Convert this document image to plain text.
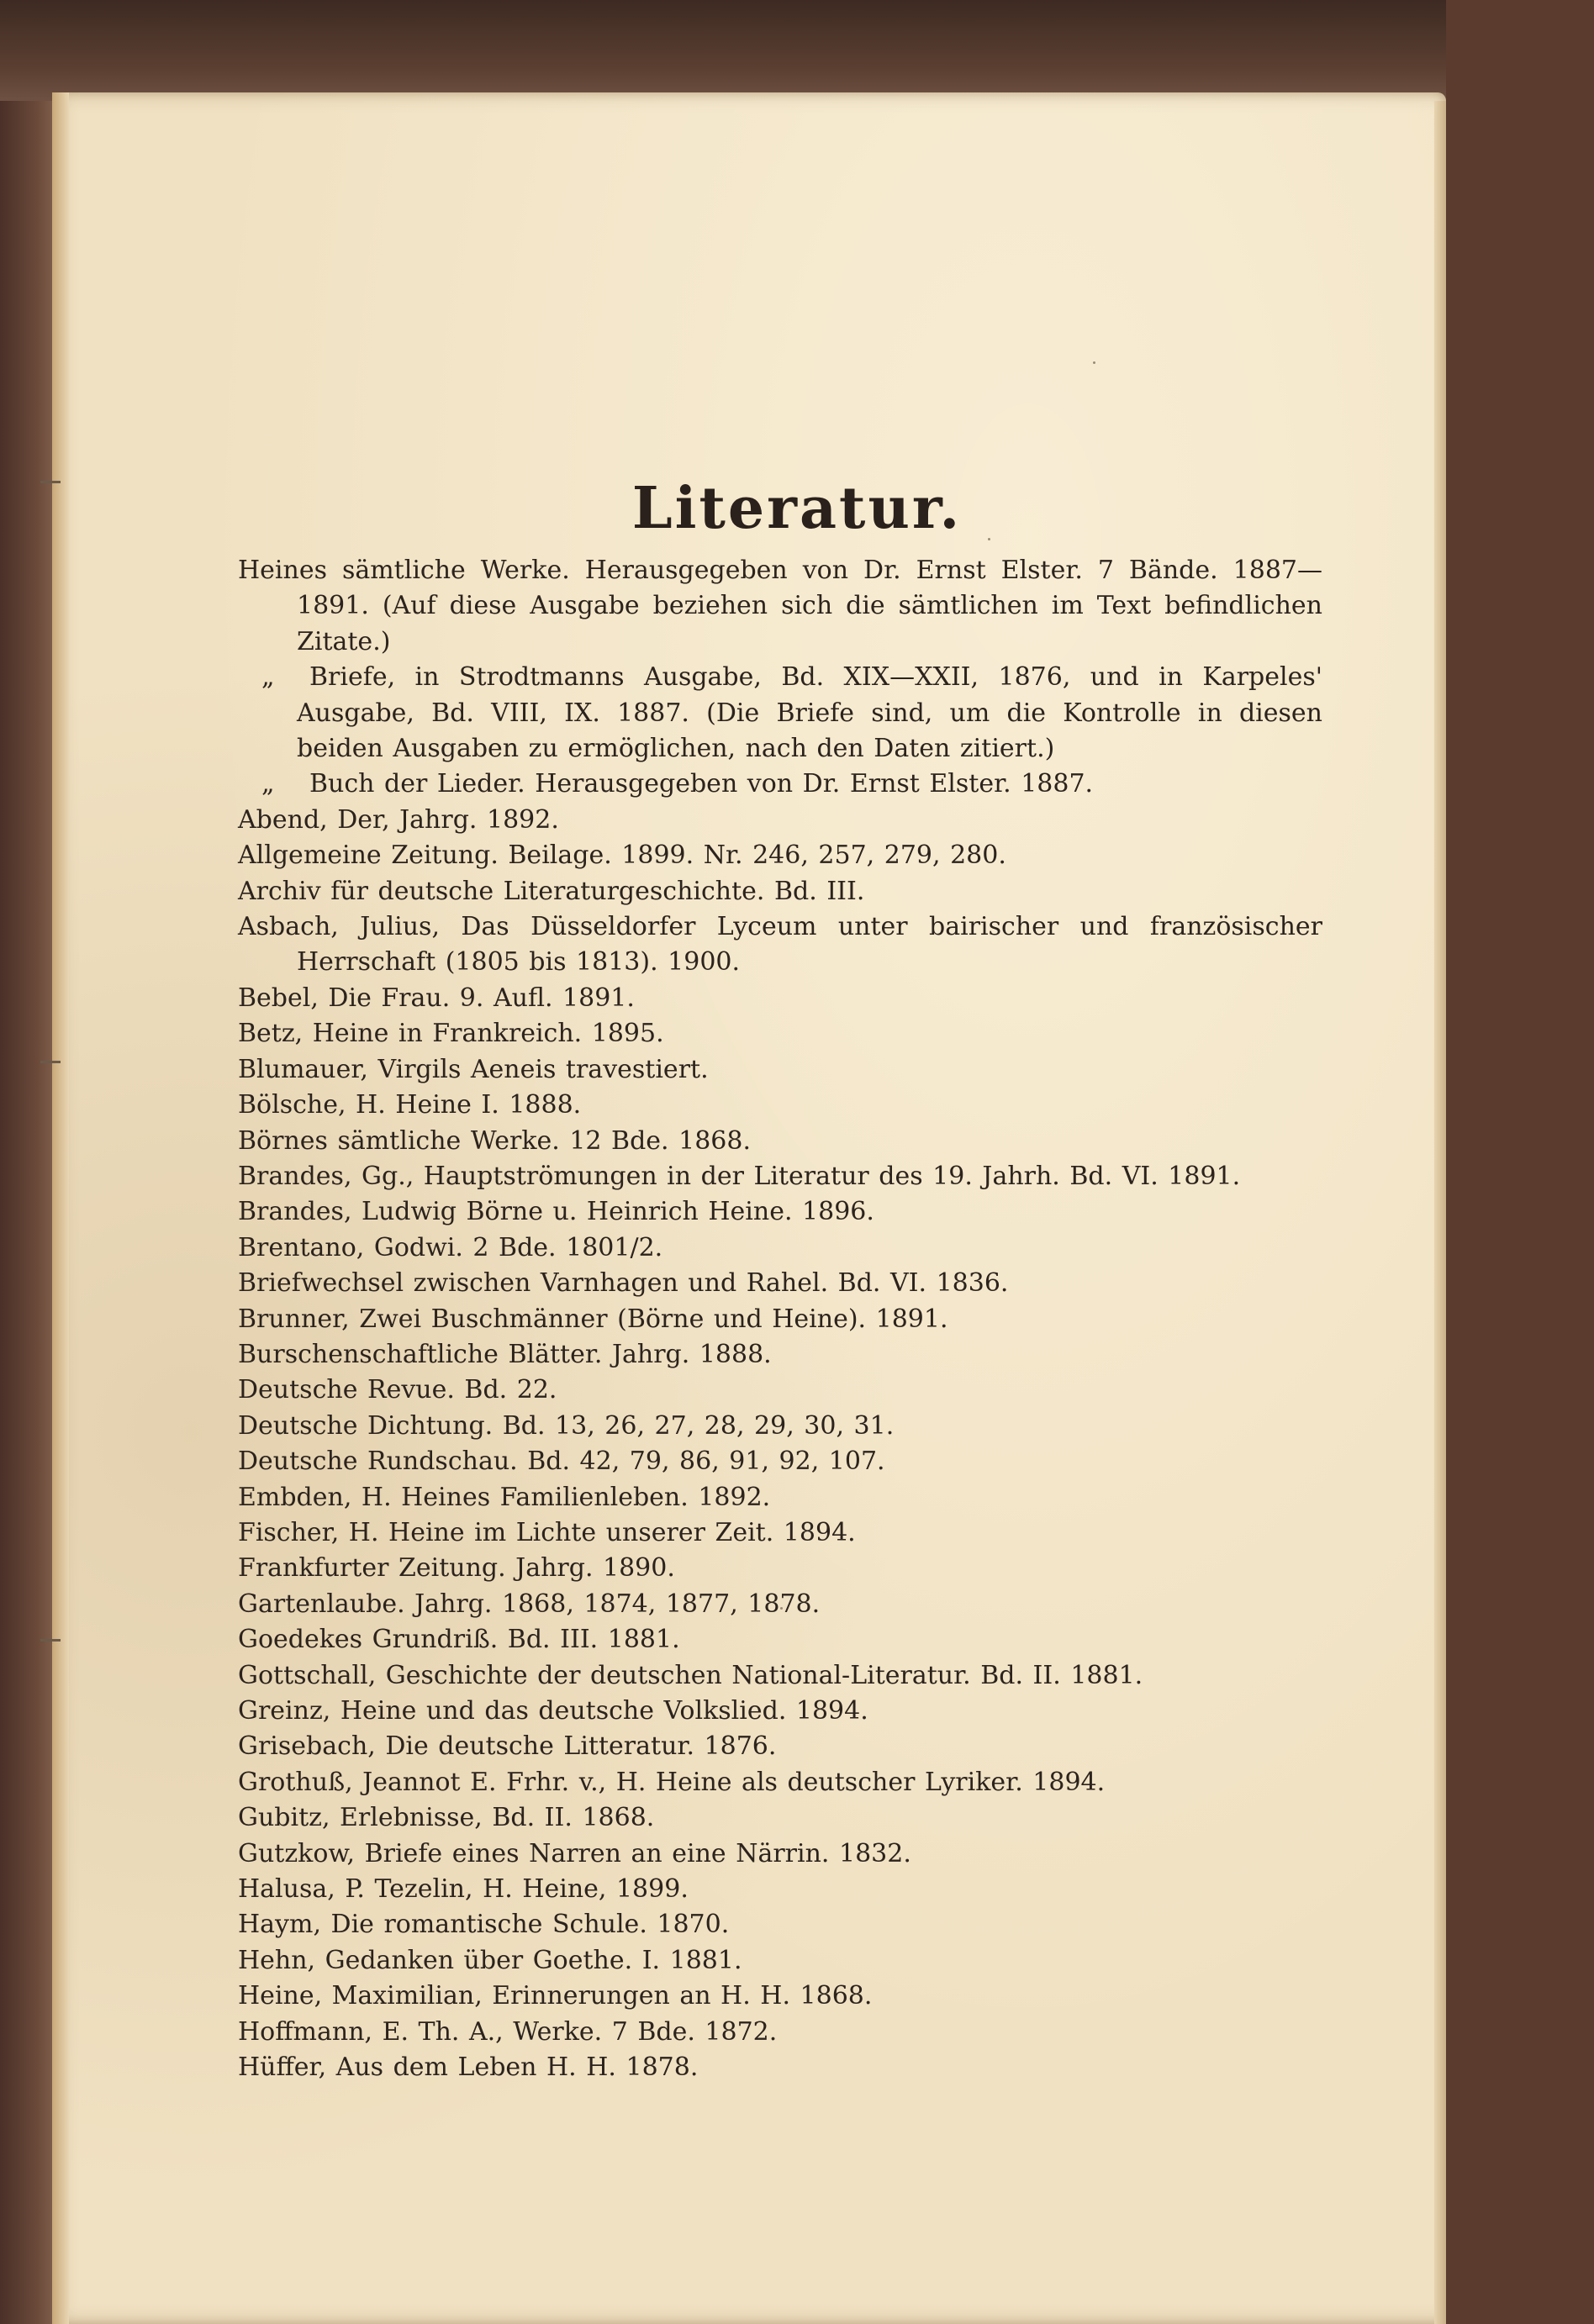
Literatur.
Heines sämtliche Werke. Herausgegeben von Dr. Ernst Elster. 7 Bände. 1887—1891. (Auf diese Ausgabe beziehen sich die sämtlichen im Text befindlichen Zitate.)
„ Briefe, in Strodtmanns Ausgabe, Bd. XIX—XXII, 1876, und in Karpeles' Ausgabe, Bd. VIII, IX. 1887. (Die Briefe sind, um die Kontrolle in diesen beiden Ausgaben zu ermöglichen, nach den Daten zitiert.)
„ Buch der Lieder. Herausgegeben von Dr. Ernst Elster. 1887.
Abend, Der, Jahrg. 1892.
Allgemeine Zeitung. Beilage. 1899. Nr. 246, 257, 279, 280.
Archiv für deutsche Literaturgeschichte. Bd. III.
Asbach, Julius, Das Düsseldorfer Lyceum unter bairischer und französischer Herrschaft (1805 bis 1813). 1900.
Bebel, Die Frau. 9. Aufl. 1891.
Betz, Heine in Frankreich. 1895.
Blumauer, Virgils Aeneis travestiert.
Bölsche, H. Heine I. 1888.
Börnes sämtliche Werke. 12 Bde. 1868.
Brandes, Gg., Hauptströmungen in der Literatur des 19. Jahrh. Bd. VI. 1891.
Brandes, Ludwig Börne u. Heinrich Heine. 1896.
Brentano, Godwi. 2 Bde. 1801/2.
Briefwechsel zwischen Varnhagen und Rahel. Bd. VI. 1836.
Brunner, Zwei Buschmänner (Börne und Heine). 1891.
Burschenschaftliche Blätter. Jahrg. 1888.
Deutsche Revue. Bd. 22.
Deutsche Dichtung. Bd. 13, 26, 27, 28, 29, 30, 31.
Deutsche Rundschau. Bd. 42, 79, 86, 91, 92, 107.
Embden, H. Heines Familienleben. 1892.
Fischer, H. Heine im Lichte unserer Zeit. 1894.
Frankfurter Zeitung. Jahrg. 1890.
Gartenlaube. Jahrg. 1868, 1874, 1877, 1878.
Goedekes Grundriß. Bd. III. 1881.
Gottschall, Geschichte der deutschen National-Literatur. Bd. II. 1881.
Greinz, Heine und das deutsche Volkslied. 1894.
Grisebach, Die deutsche Litteratur. 1876.
Grothuß, Jeannot E. Frhr. v., H. Heine als deutscher Lyriker. 1894.
Gubitz, Erlebnisse, Bd. II. 1868.
Gutzkow, Briefe eines Narren an eine Närrin. 1832.
Halusa, P. Tezelin, H. Heine, 1899.
Haym, Die romantische Schule. 1870.
Hehn, Gedanken über Goethe. I. 1881.
Heine, Maximilian, Erinnerungen an H. H. 1868.
Hoffmann, E. Th. A., Werke. 7 Bde. 1872.
Hüffer, Aus dem Leben H. H. 1878.
